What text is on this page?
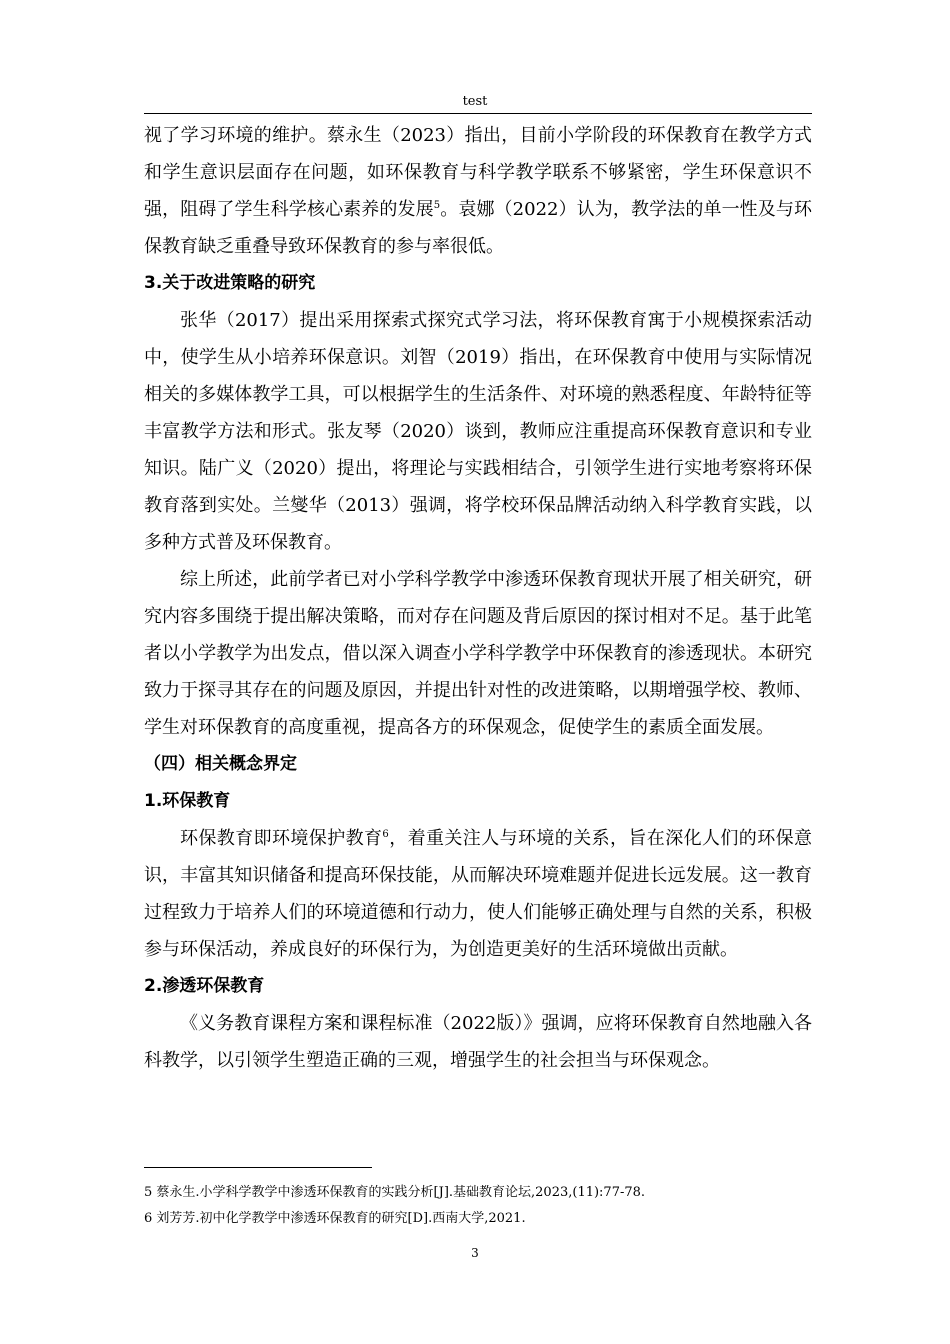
test

视了学习环境的维护。蔡永生（2023）指出，目前小学阶段的环保教育在教学方式和学生意识层面存在问题，如环保教育与科学教学联系不够紧密，学生环保意识不强，阻碍了学生科学核心素养的发展$^5$。袁娜（2022）认为，教学法的单一性及与环保教育缺乏重叠导致环保教育的参与率很低。

3.关于改进策略的研究

张华（2017）提出采用探索式探究式学习法，将环保教育寓于小规模探索活动中，使学生从小培养环保意识。刘智（2019）指出，在环保教育中使用与实际情况相关的多媒体教学工具，可以根据学生的生活条件、对环境的熟悉程度、年龄特征等丰富教学方法和形式。张友琴（2020）谈到，教师应注重提高环保教育意识和专业知识。陆广义（2020）提出，将理论与实践相结合，引领学生进行实地考察将环保教育落到实处。兰燮华（2013）强调，将学校环保品牌活动纳入科学教育实践，以多种方式普及环保教育。

综上所述，此前学者已对小学科学教学中渗透环保教育现状开展了相关研究，研究内容多围绕于提出解决策略，而对存在问题及背后原因的探讨相对不足。基于此笔者以小学教学为出发点，借以深入调查小学科学教学中环保教育的渗透现状。本研究致力于探寻其存在的问题及原因，并提出针对性的改进策略，以期增强学校、教师、学生对环保教育的高度重视，提高各方的环保观念，促使学生的素质全面发展。

（四）相关概念界定
1.环保教育

环保教育即环境保护教育$^6$，着重关注人与环境的关系，旨在深化人们的环保意识，丰富其知识储备和提高环保技能，从而解决环境难题并促进长远发展。这一教育过程致力于培养人们的环境道德和行动力，使人们能够正确处理与自然的关系，积极参与环保活动，养成良好的环保行为，为创造更美好的生活环境做出贡献。

2.渗透环保教育

《义务教育课程方案和课程标准（2022版）》强调，应将环保教育自然地融入各科教学，以引领学生塑造正确的三观，增强学生的社会担当与环保观念。

5 蔡永生.小学科学教学中渗透环保教育的实践分析[J].基础教育论坛,2023,(11):77-78.
6 刘芳芳.初中化学教学中渗透环保教育的研究[D].西南大学,2021.
3
